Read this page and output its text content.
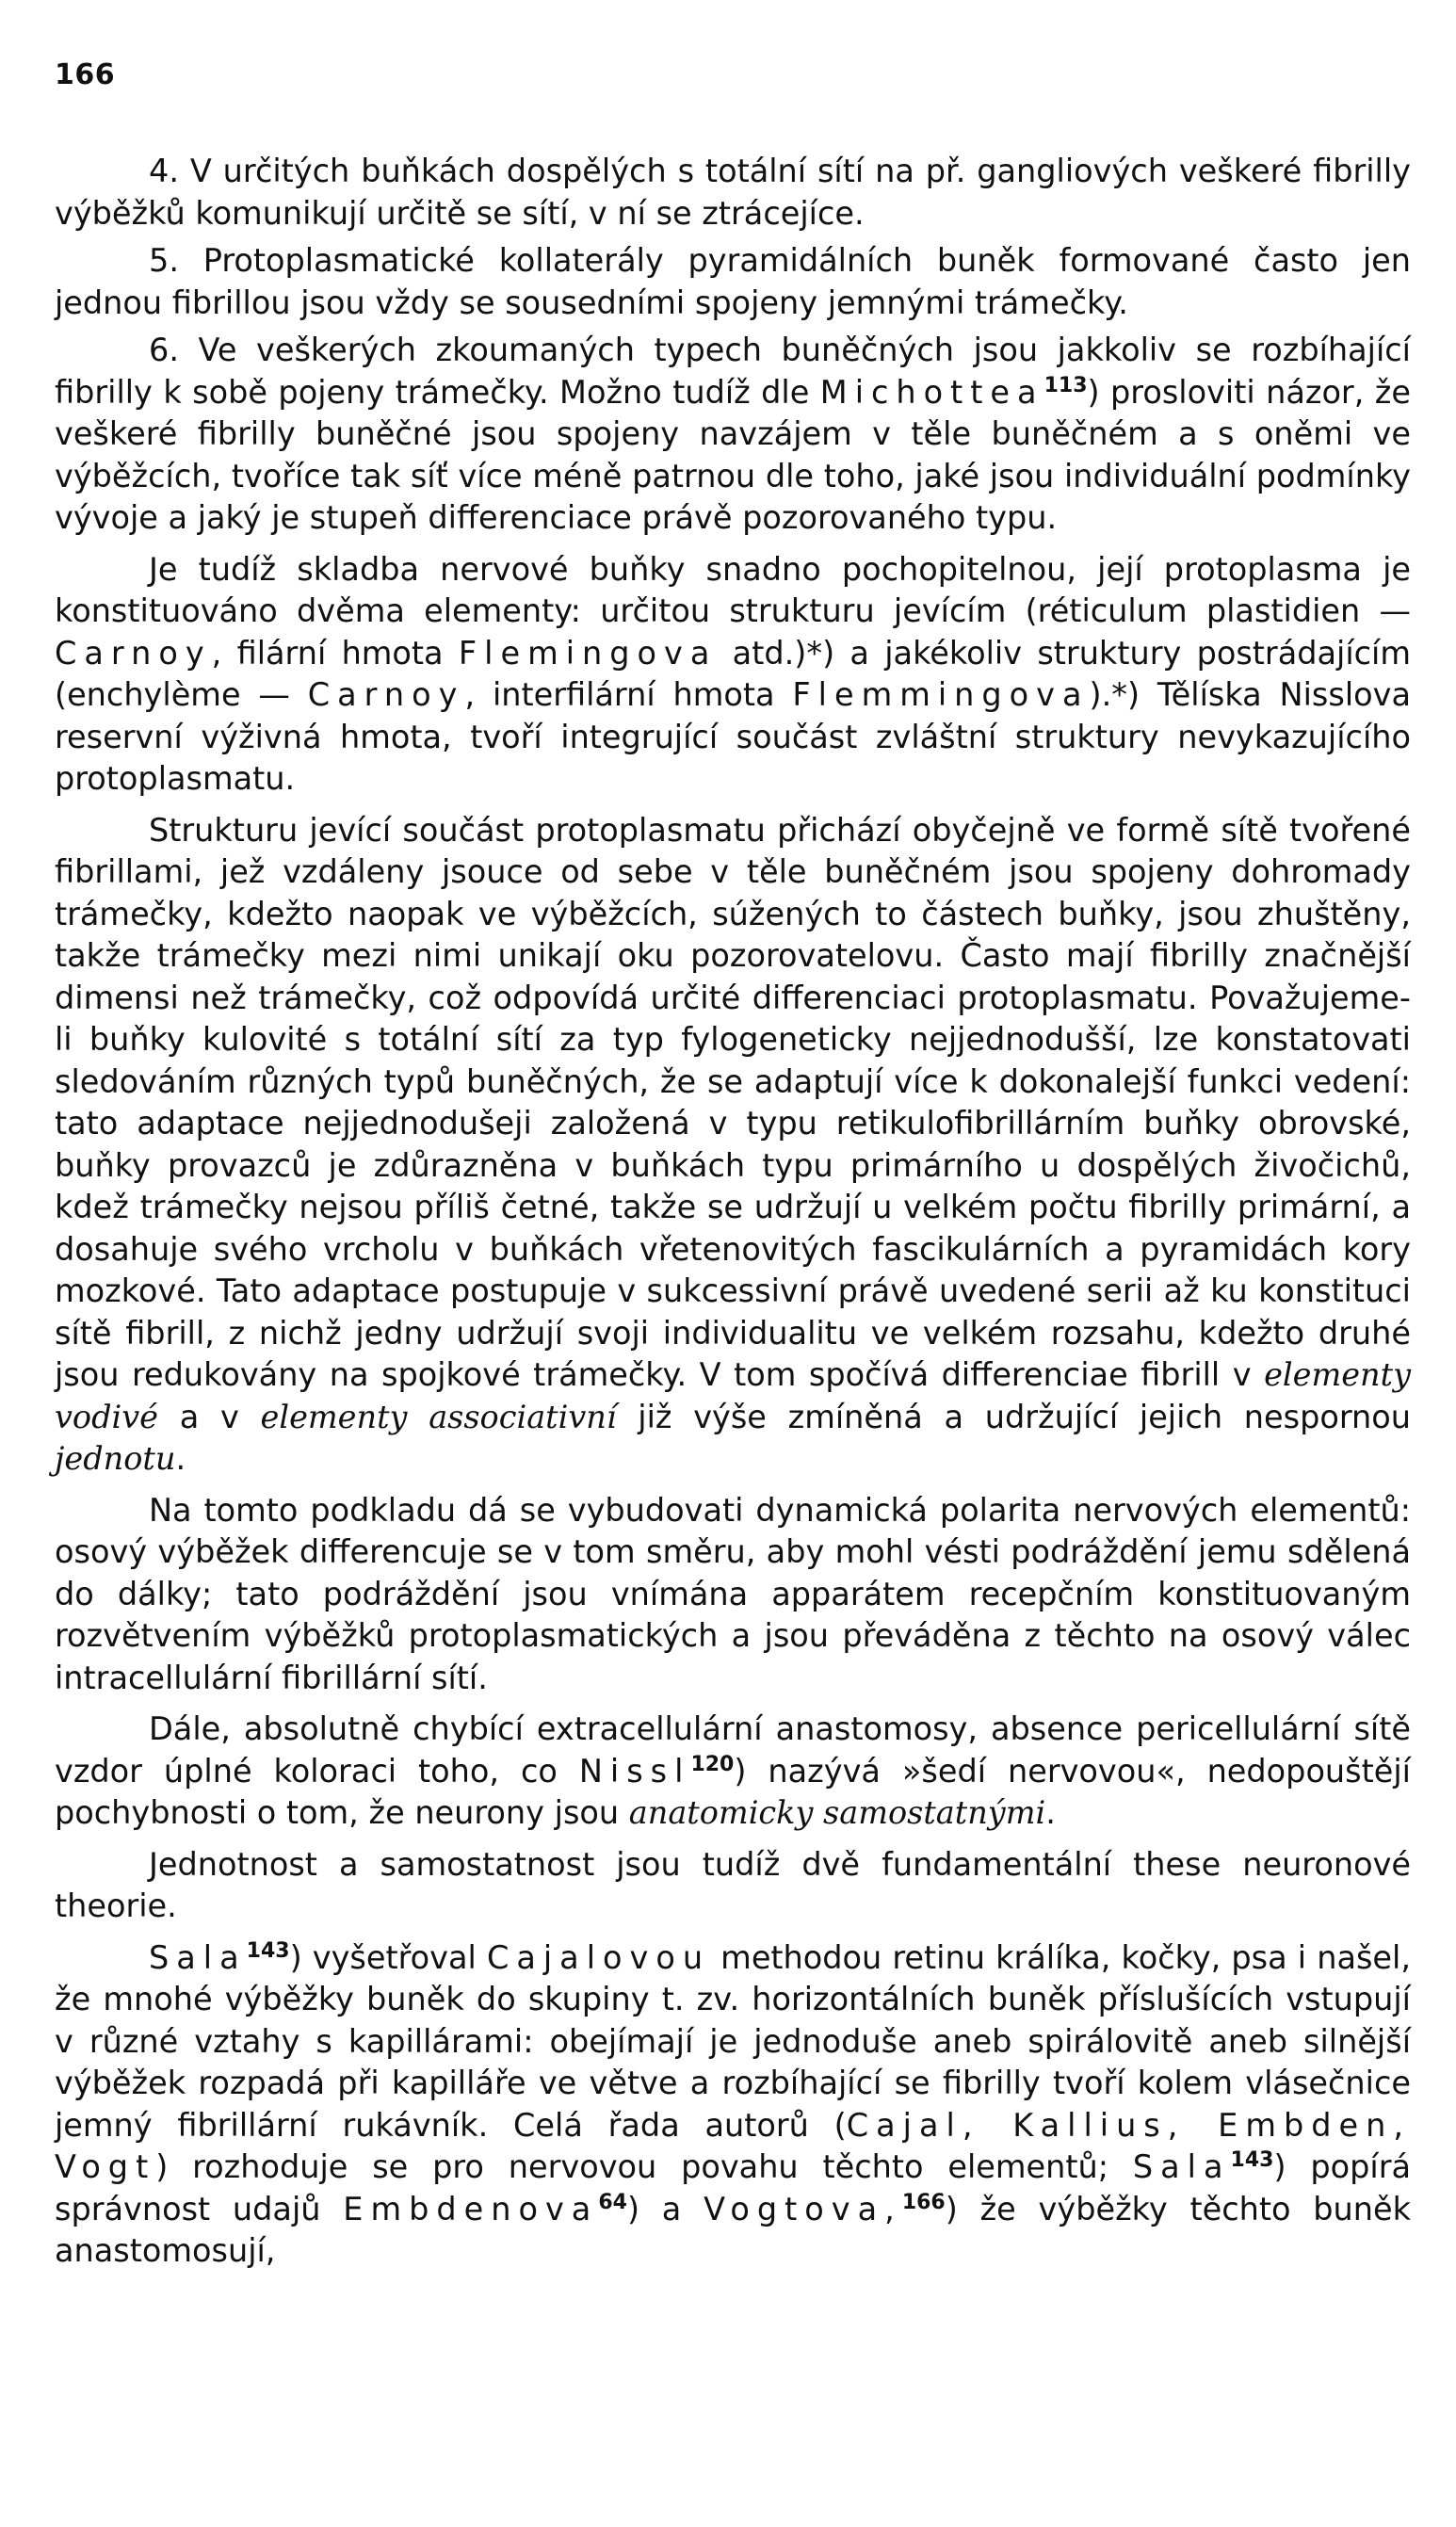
166

4. V určitých buňkách dospělých s totální sítí na př. gangliových veškeré fibrilly výběžků komunikují určitě se sítí, v ní se ztrácejíce.

5. Protoplasmatické kollaterály pyramidálních buněk formované často jen jednou fibrillou jsou vždy se sousedními spojeny jemnými trámečky.

6. Ve veškerých zkoumaných typech buněčných jsou jakkoliv se rozbíhající fibrilly k sobě pojeny trámečky. Možno tudíž dle Michottea$^{113}$) prosloviti názor, že veškeré fibrilly buněčné jsou spojeny navzájem v těle buněčném a s oněmi ve výběžcích, tvoříce tak síť více méně patrnou dle toho, jaké jsou individuální podmínky vývoje a jaký je stupeň differenciace právě pozorovaného typu.

Je tudíž skladba nervové buňky snadno pochopitelnou, její protoplasma je konstituováno dvěma elementy: určitou strukturu jevícím (réticulum plastidien — Carnoy, filární hmota Flemingova atd.)*) a jakékoliv struktury postrádajícím (enchylème — Carnoy, interfilární hmota Flemmingova).*) Tělíska Nisslova reservní výživná hmota, tvoří integrující součást zvláštní struktury nevykazujícího protoplasmatu.

Strukturu jevící součást protoplasmatu přichází obyčejně ve formě sítě tvořené fibrillami, jež vzdáleny jsouce od sebe v těle buněčném jsou spojeny dohromady trámečky, kdežto naopak ve výběžcích, súžených to částech buňky, jsou zhuštěny, takže trámečky mezi nimi unikají oku pozorovatelovu. Často mají fibrilly značnější dimensi než trámečky, což odpovídá určité differenciaci protoplasmatu. Považujeme-li buňky kulovité s totální sítí za typ fylogeneticky nejjednodušší, lze konstatovati sledováním různých typů buněčných, že se adaptují více k dokonalejší funkci vedení: tato adaptace nejjednodušeji založená v typu retikulofibrillárním buňky obrovské, buňky provazců je zdůrazněna v buňkách typu primárního u dospělých živočichů, kdež trámečky nejsou příliš četné, takže se udržují u velkém počtu fibrilly primární, a dosahuje svého vrcholu v buňkách vřetenovitých fascikulárních a pyramidách kory mozkové. Tato adaptace postupuje v sukcessivní právě uvedené serii až ku konstituci sítě fibrill, z nichž jedny udržují svoji individualitu ve velkém rozsahu, kdežto druhé jsou redukovány na spojkové trámečky. V tom spočívá differenciae fibrill v elementy vodivé a v elementy associativní již výše zmíněná a udržující jejich nespornou jednotu.

Na tomto podkladu dá se vybudovati dynamická polarita nervových elementů: osový výběžek differencuje se v tom směru, aby mohl vésti podráždění jemu sdělená do dálky; tato podráždění jsou vnímána apparátem recepčním konstituovaným rozvětvením výběžků protoplasmatických a jsou převáděna z těchto na osový válec intracellulární fibrillární sítí.

Dále, absolutně chybící extracellulární anastomosy, absence pericellulární sítě vzdor úplné koloraci toho, co Nissl$^{120}$) nazývá »šedí nervovou«, nedopouštějí pochybnosti o tom, že neurony jsou anatomicky samostatnými.

Jednotnost a samostatnost jsou tudíž dvě fundamentální these neuronové theorie.

Sala$^{143}$) vyšetřoval Cajalovou methodou retinu králíka, kočky, psa i našel, že mnohé výběžky buněk do skupiny t. zv. horizontálních buněk příslušících vstupují v různé vztahy s kapillárami: obejímají je jednoduše aneb spirálovitě aneb silnější výběžek rozpadá při kapilláře ve větve a rozbíhající se fibrilly tvoří kolem vlásečnice jemný fibrillární rukávník. Celá řada autorů (Cajal, Kallius, Embden, Vogt) rozhoduje se pro nervovou povahu těchto elementů; Sala$^{143}$) popírá správnost udajů Embdenova$^{64}$) a Vogtova,$^{166}$) že výběžky těchto buněk anastomosují,
